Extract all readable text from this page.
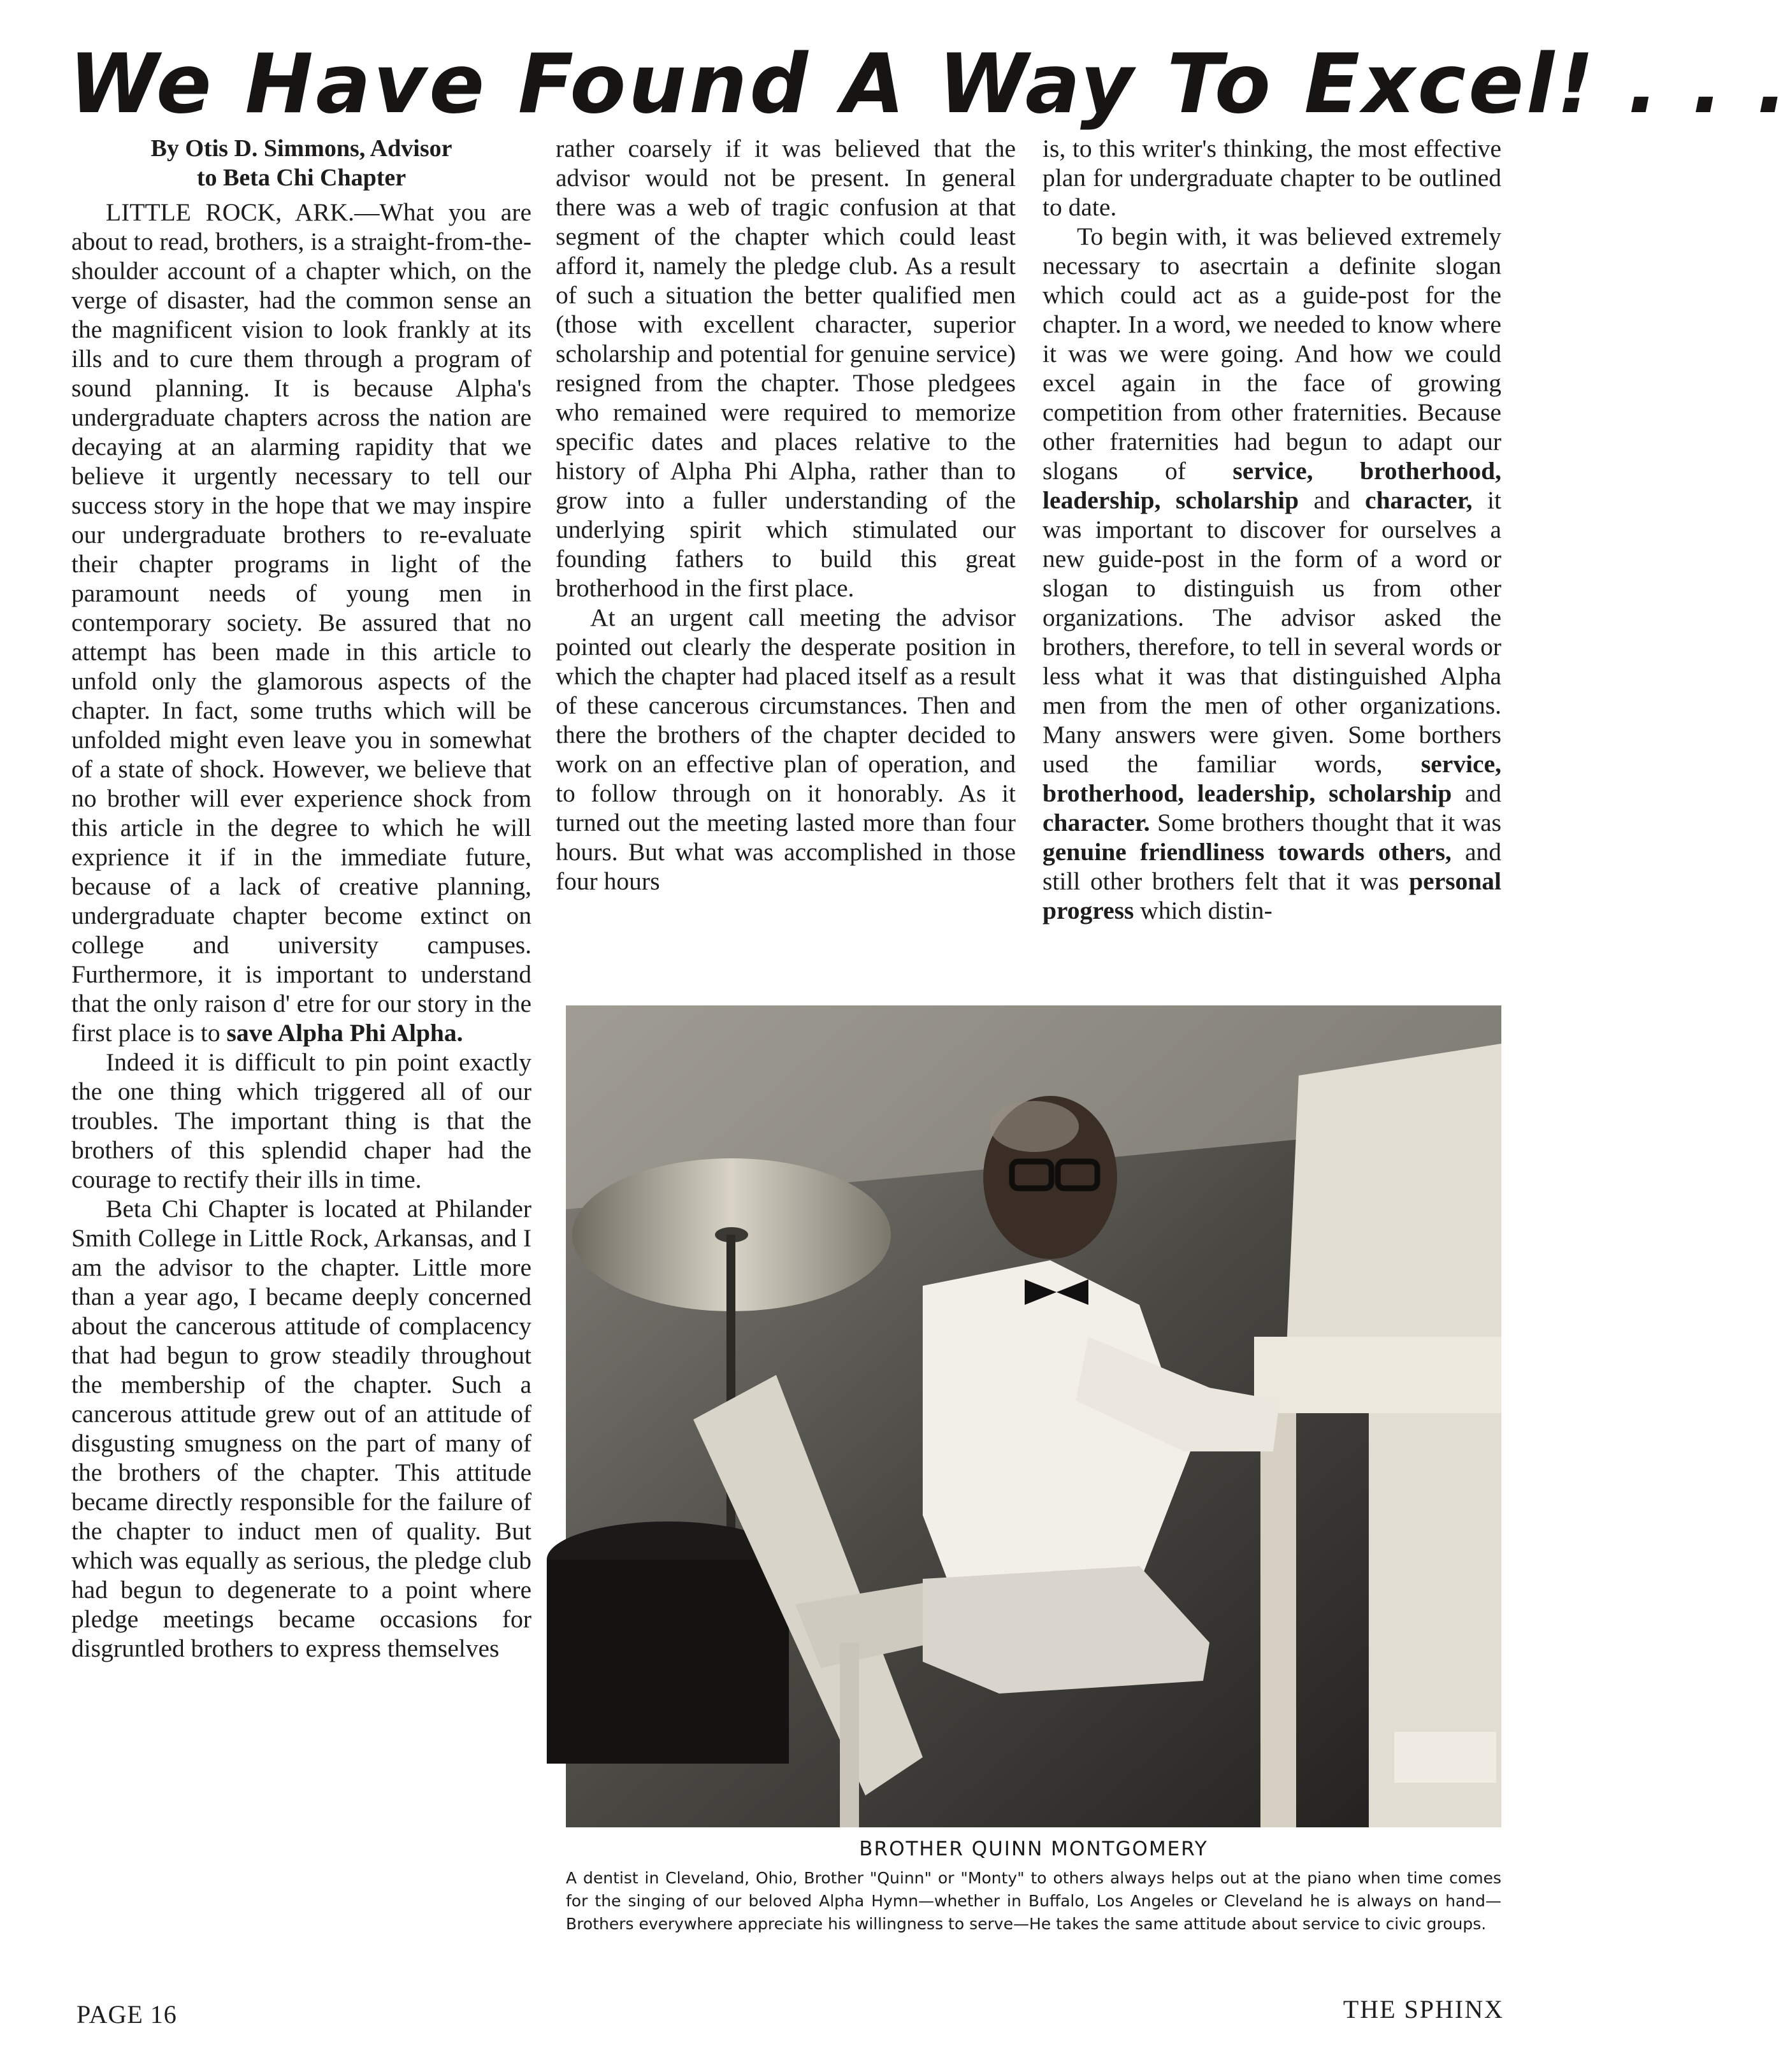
We Have Found A Way To Excel! . . .
By Otis D. Simmons, Advisor
to Beta Chi Chapter

LITTLE ROCK, ARK.—What you are about to read, brothers, is a straight-from-the-shoulder account of a chapter which, on the verge of disaster, had the common sense an the magnificent vision to look frankly at its ills and to cure them through a program of sound planning. It is because Alpha's undergraduate chapters across the nation are decaying at an alarming rapidity that we believe it urgently necessary to tell our success story in the hope that we may inspire our undergraduate brothers to re-evaluate their chapter programs in light of the paramount needs of young men in contemporary society. Be assured that no attempt has been made in this article to unfold only the glamorous aspects of the chapter. In fact, some truths which will be unfolded might even leave you in somewhat of a state of shock. However, we believe that no brother will ever experience shock from this article in the degree to which he will exprience it if in the immediate future, because of a lack of creative planning, undergraduate chapter become extinct on college and university campuses. Furthermore, it is important to understand that the only raison d' etre for our story in the first place is to save Alpha Phi Alpha.

Indeed it is difficult to pin point exactly the one thing which triggered all of our troubles. The important thing is that the brothers of this splendid chaper had the courage to rectify their ills in time.

Beta Chi Chapter is located at Philander Smith College in Little Rock, Arkansas, and I am the advisor to the chapter. Little more than a year ago, I became deeply concerned about the cancerous attitude of complacency that had begun to grow steadily throughout the membership of the chapter. Such a cancerous attitude grew out of an attitude of disgusting smugness on the part of many of the brothers of the chapter. This attitude became directly responsible for the failure of the chapter to induct men of quality. But which was equally as serious, the pledge club had begun to degenerate to a point where pledge meetings became occasions for disgruntled brothers to express themselves

rather coarsely if it was believed that the advisor would not be present. In general there was a web of tragic confusion at that segment of the chapter which could least afford it, namely the pledge club. As a result of such a situation the better qualified men (those with excellent character, superior scholarship and potential for genuine service) resigned from the chapter. Those pledgees who remained were required to memorize specific dates and places relative to the history of Alpha Phi Alpha, rather than to grow into a fuller understanding of the underlying spirit which stimulated our founding fathers to build this great brotherhood in the first place.

At an urgent call meeting the advisor pointed out clearly the desperate position in which the chapter had placed itself as a result of these cancerous circumstances. Then and there the brothers of the chapter decided to work on an effective plan of operation, and to follow through on it honorably. As it turned out the meeting lasted more than four hours. But what was accomplished in those four hours

is, to this writer's thinking, the most effective plan for undergraduate chapter to be outlined to date.

To begin with, it was believed extremely necessary to asecrtain a definite slogan which could act as a guide-post for the chapter. In a word, we needed to know where it was we were going. And how we could excel again in the face of growing competition from other fraternities. Because other fraternities had begun to adapt our slogans of service, brotherhood, leadership, scholarship and character, it was important to discover for ourselves a new guide-post in the form of a word or slogan to distinguish us from other organizations. The advisor asked the brothers, therefore, to tell in several words or less what it was that distinguished Alpha men from the men of other organizations. Many answers were given. Some borthers used the familiar words, service, brotherhood, leadership, scholarship and character. Some brothers thought that it was genuine friendliness towards others, and still other brothers felt that it was personal progress which distin-

BROTHER QUINN MONTGOMERY
A dentist in Cleveland, Ohio, Brother "Quinn" or "Monty" to others always helps out at the piano when time comes for the singing of our beloved Alpha Hymn—whether in Buffalo, Los Angeles or Cleveland he is always on hand—Brothers everywhere appreciate his willingness to serve—He takes the same attitude about service to civic groups.
PAGE 16	THE SPHINX
